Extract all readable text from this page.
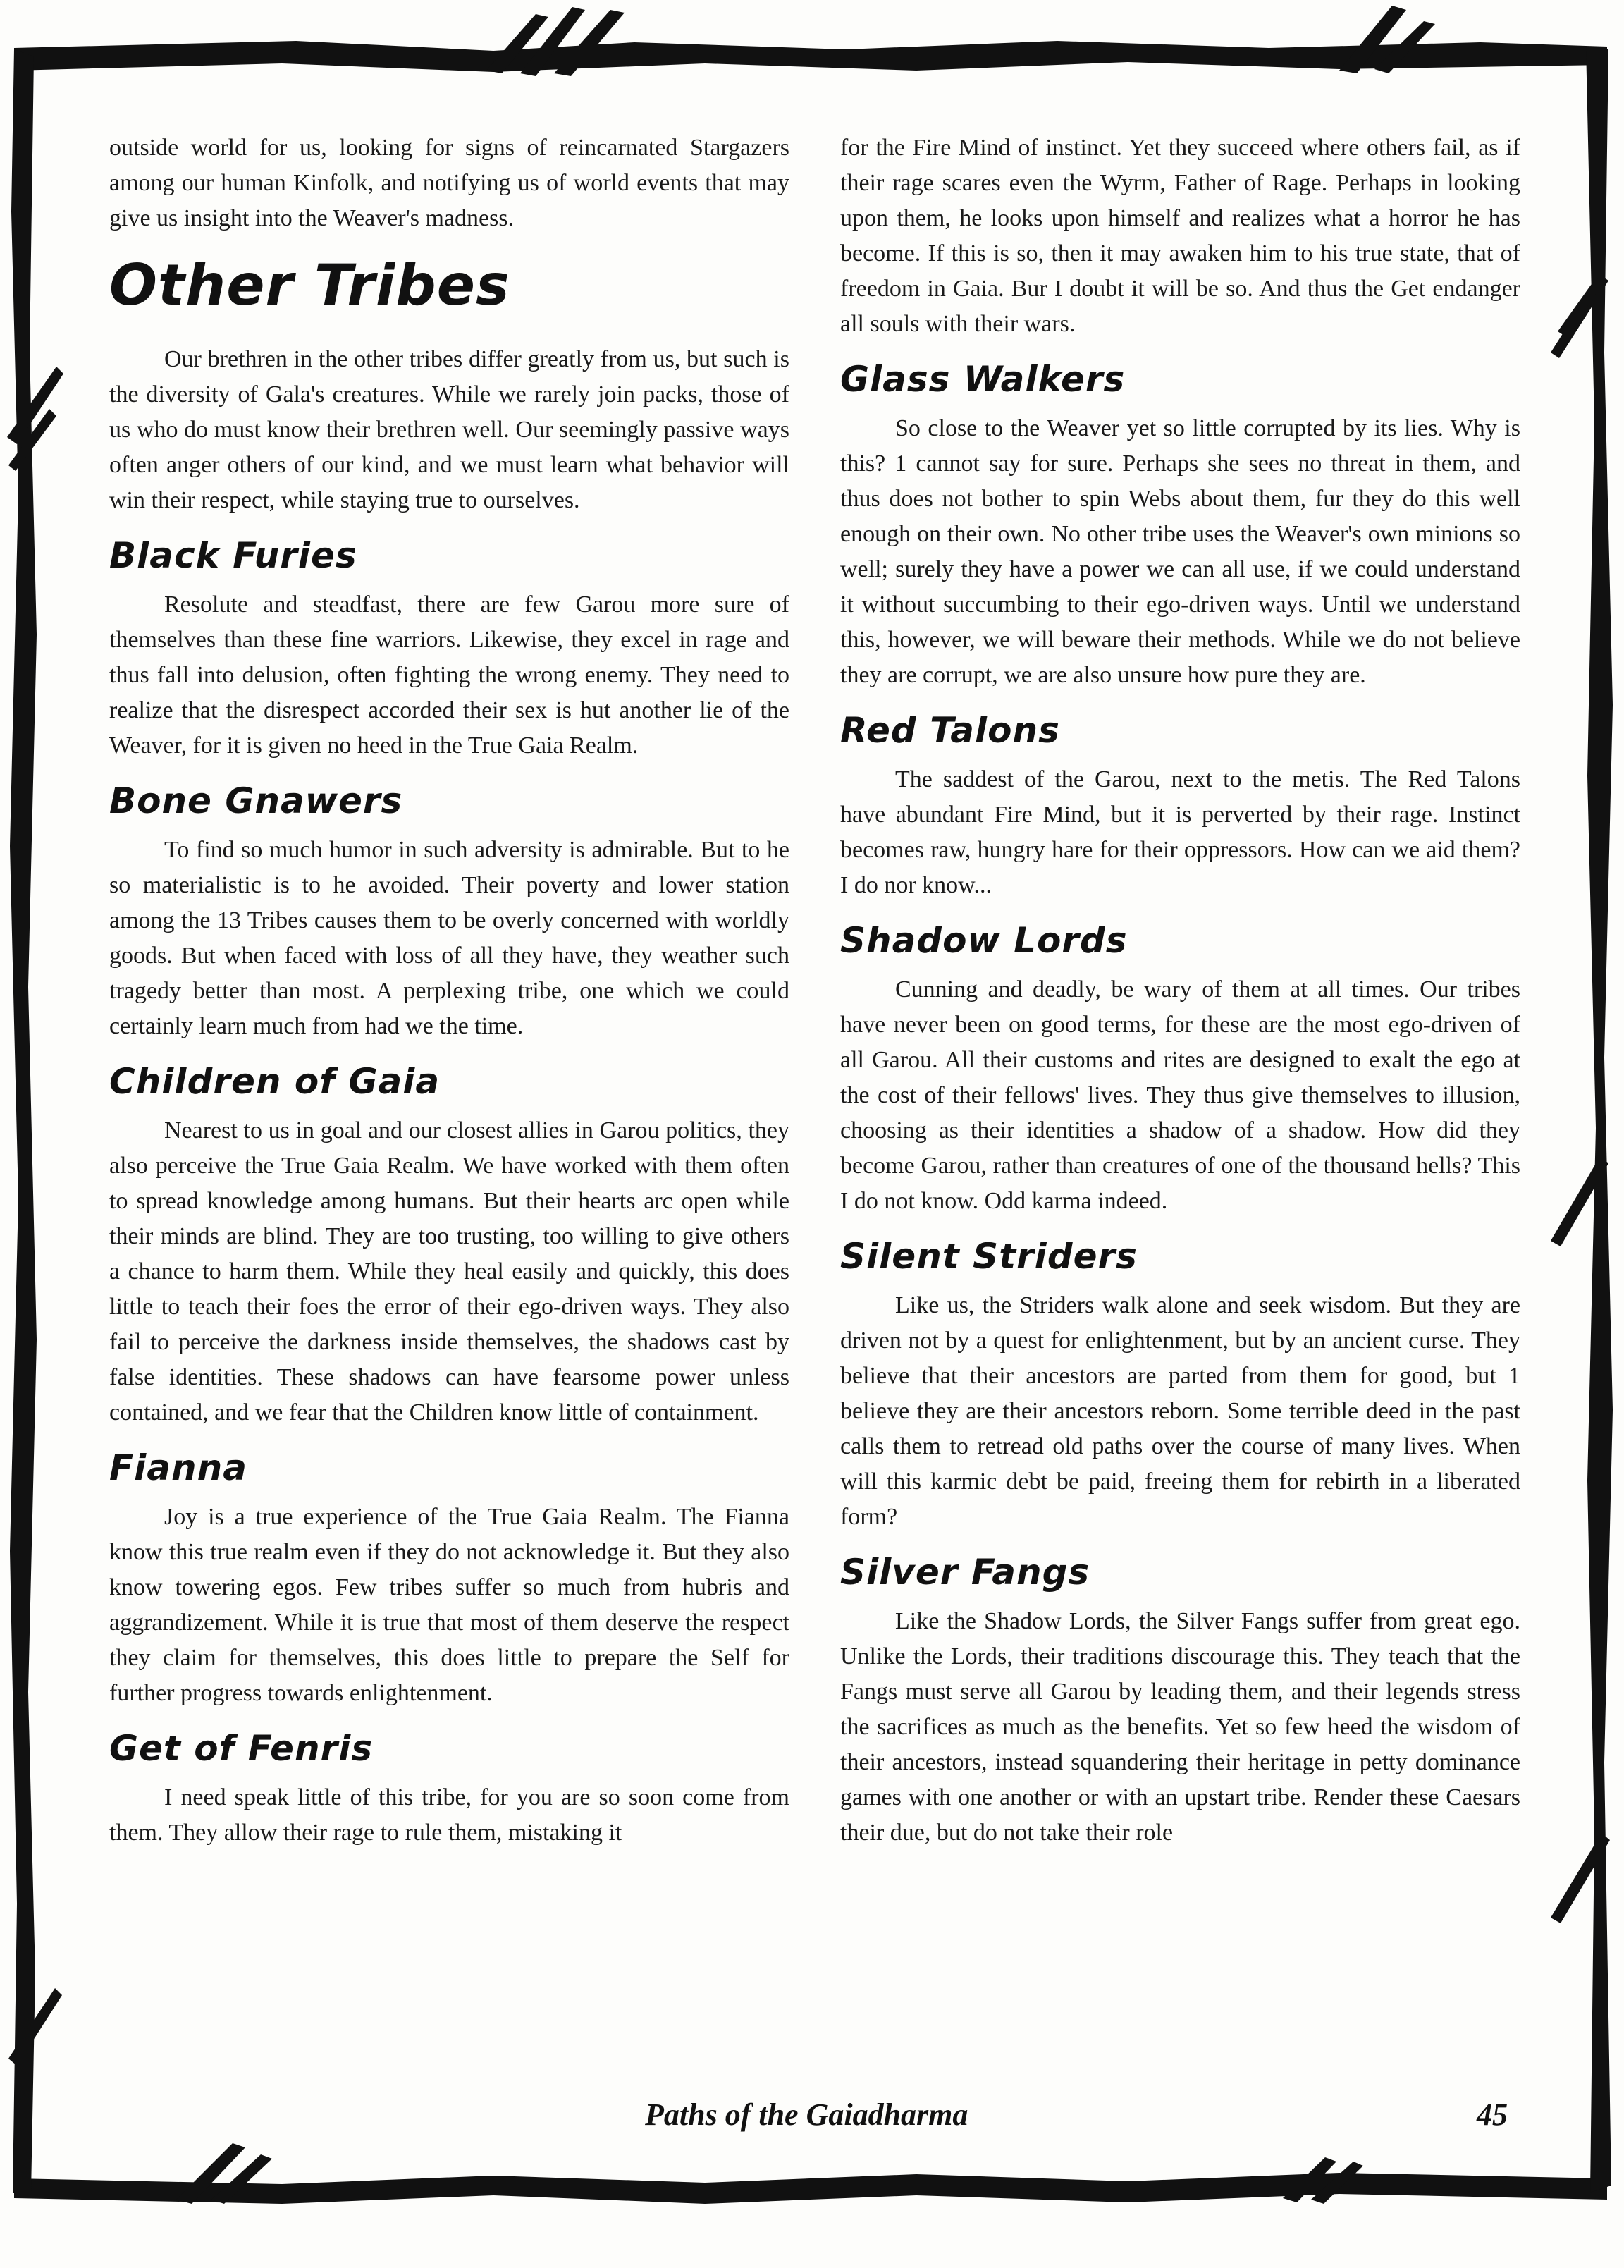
outside world for us, looking for signs of reincarnated Stargazers among our human Kinfolk, and notifying us of world events that may give us insight into the Weaver's madness.

Other Tribes

Our brethren in the other tribes differ greatly from us, but such is the diversity of Gala's creatures. While we rarely join packs, those of us who do must know their brethren well. Our seemingly passive ways often anger others of our kind, and we must learn what behavior will win their respect, while staying true to ourselves.

Black Furies

Resolute and steadfast, there are few Garou more sure of themselves than these fine warriors. Likewise, they excel in rage and thus fall into delusion, often fighting the wrong enemy. They need to realize that the disrespect accorded their sex is hut another lie of the Weaver, for it is given no heed in the True Gaia Realm.

Bone Gnawers

To find so much humor in such adversity is admirable. But to he so materialistic is to he avoided. Their poverty and lower station among the 13 Tribes causes them to be overly concerned with worldly goods. But when faced with loss of all they have, they weather such tragedy better than most. A perplexing tribe, one which we could certainly learn much from had we the time.

Children of Gaia

Nearest to us in goal and our closest allies in Garou politics, they also perceive the True Gaia Realm. We have worked with them often to spread knowledge among humans. But their hearts arc open while their minds are blind. They are too trusting, too willing to give others a chance to harm them. While they heal easily and quickly, this does little to teach their foes the error of their ego-driven ways. They also fail to perceive the darkness inside themselves, the shadows cast by false identities. These shadows can have fearsome power unless contained, and we fear that the Children know little of containment.

Fianna

Joy is a true experience of the True Gaia Realm. The Fianna know this true realm even if they do not acknowledge it. But they also know towering egos. Few tribes suffer so much from hubris and aggrandizement. While it is true that most of them deserve the respect they claim for themselves, this does little to prepare the Self for further progress towards enlightenment.

Get of Fenris

I need speak little of this tribe, for you are so soon come from them. They allow their rage to rule them, mistaking it

for the Fire Mind of instinct. Yet they succeed where others fail, as if their rage scares even the Wyrm, Father of Rage. Perhaps in looking upon them, he looks upon himself and realizes what a horror he has become. If this is so, then it may awaken him to his true state, that of freedom in Gaia. Bur I doubt it will be so. And thus the Get endanger all souls with their wars.

Glass Walkers

So close to the Weaver yet so little corrupted by its lies. Why is this? 1 cannot say for sure. Perhaps she sees no threat in them, and thus does not bother to spin Webs about them, fur they do this well enough on their own. No other tribe uses the Weaver's own minions so well; surely they have a power we can all use, if we could understand it without succumbing to their ego-driven ways. Until we understand this, however, we will beware their methods. While we do not believe they are corrupt, we are also unsure how pure they are.

Red Talons

The saddest of the Garou, next to the metis. The Red Talons have abundant Fire Mind, but it is perverted by their rage. Instinct becomes raw, hungry hare for their oppressors. How can we aid them? I do nor know...

Shadow Lords

Cunning and deadly, be wary of them at all times. Our tribes have never been on good terms, for these are the most ego-driven of all Garou. All their customs and rites are designed to exalt the ego at the cost of their fellows' lives. They thus give themselves to illusion, choosing as their identities a shadow of a shadow. How did they become Garou, rather than creatures of one of the thousand hells? This I do not know. Odd karma indeed.

Silent Striders

Like us, the Striders walk alone and seek wisdom. But they are driven not by a quest for enlightenment, but by an ancient curse. They believe that their ancestors are parted from them for good, but 1 believe they are their ancestors reborn. Some terrible deed in the past calls them to retread old paths over the course of many lives. When will this karmic debt be paid, freeing them for rebirth in a liberated form?

Silver Fangs

Like the Shadow Lords, the Silver Fangs suffer from great ego. Unlike the Lords, their traditions discourage this. They teach that the Fangs must serve all Garou by leading them, and their legends stress the sacrifices as much as the benefits. Yet so few heed the wisdom of their ancestors, instead squandering their heritage in petty dominance games with one another or with an upstart tribe. Render these Caesars their due, but do not take their role

Paths of the Gaiadharma	45
